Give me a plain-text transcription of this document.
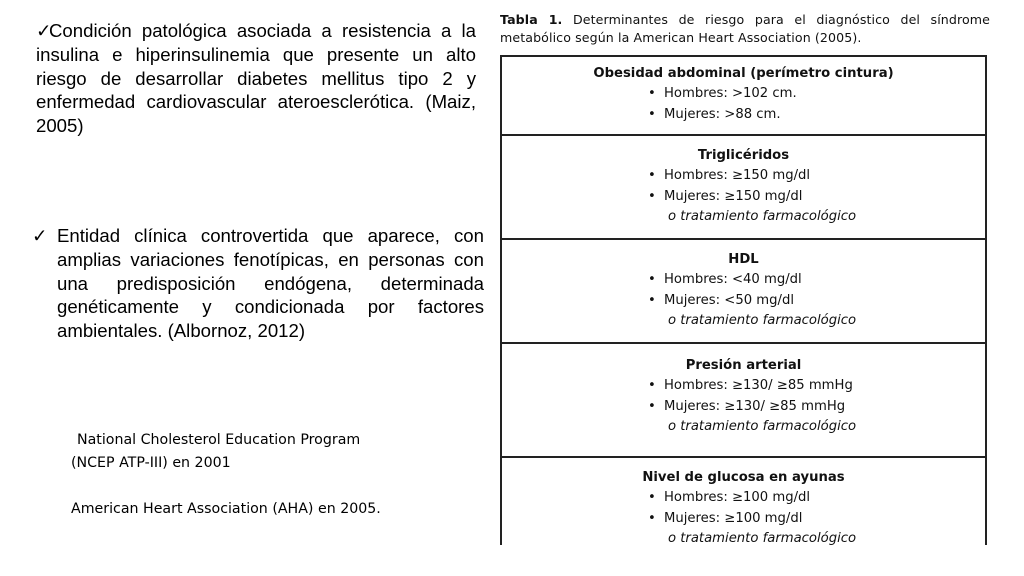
✓
Condición patológica asociada a resistencia a la insulina e hiperinsulinemia que presente un alto riesgo de desarrollar diabetes mellitus tipo 2 y enfermedad cardiovascular ateroesclerótica. (Maiz, 2005)
✓ Entidad clínica controvertida que aparece, con amplias variaciones fenotípicas, en personas con una predisposición endógena, determinada genéticamente y condicionada por factores ambientales. (Albornoz, 2012)
National Cholesterol Education Program
(NCEP ATP-III) en 2001
American Heart Association (AHA) en 2005.
Tabla 1. Determinantes de riesgo para el diagnóstico del síndrome metabólico según la American Heart Association (2005).
Obesidad abdominal (perímetro cintura)
• Hombres: >102 cm.
• Mujeres: >88 cm.
Triglicéridos
• Hombres: ≥150 mg/dl
• Mujeres: ≥150 mg/dl
o tratamiento farmacológico
HDL
• Hombres: <40 mg/dl
• Mujeres: <50 mg/dl
o tratamiento farmacológico
Presión arterial
• Hombres: ≥130/ ≥85 mmHg
• Mujeres: ≥130/ ≥85 mmHg
o tratamiento farmacológico
Nivel de glucosa en ayunas
• Hombres: ≥100 mg/dl
• Mujeres: ≥100 mg/dl
o tratamiento farmacológico
